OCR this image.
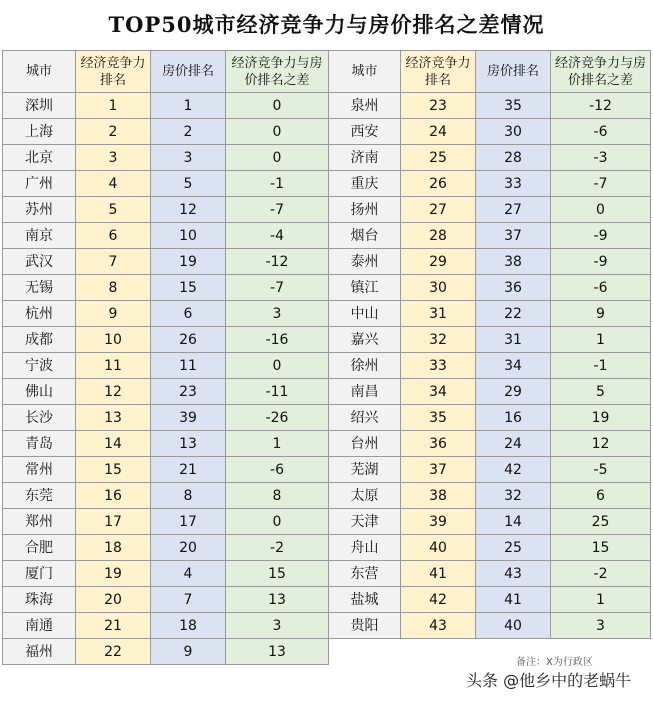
TOP50城市经济竞争力与房价排名之差情况
城市	经济竞争力排名	房价排名	经济竞争力与房价排名之差	城市	经济竞争力排名	房价排名	经济竞争力与房价排名之差
深圳	1	1	0	泉州	23	35	-12
上海	2	2	0	西安	24	30	-6
北京	3	3	0	济南	25	28	-3
广州	4	5	-1	重庆	26	33	-7
苏州	5	12	-7	扬州	27	27	0
南京	6	10	-4	烟台	28	37	-9
武汉	7	19	-12	泰州	29	38	-9
无锡	8	15	-7	镇江	30	36	-6
杭州	9	6	3	中山	31	22	9
成都	10	26	-16	嘉兴	32	31	1
宁波	11	11	0	徐州	33	34	-1
佛山	12	23	-11	南昌	34	29	5
长沙	13	39	-26	绍兴	35	16	19
青岛	14	13	1	台州	36	24	12
常州	15	21	-6	芜湖	37	42	-5
东莞	16	8	8	太原	38	32	6
郑州	17	17	0	天津	39	14	25
合肥	18	20	-2	舟山	40	25	15
厦门	19	4	15	东营	41	43	-2
珠海	20	7	13	盐城	42	41	1
南通	21	18	3	贵阳	43	40	3
福州	22	9	13				
备注：X为行政区
头条 @他乡中的老蜗牛
